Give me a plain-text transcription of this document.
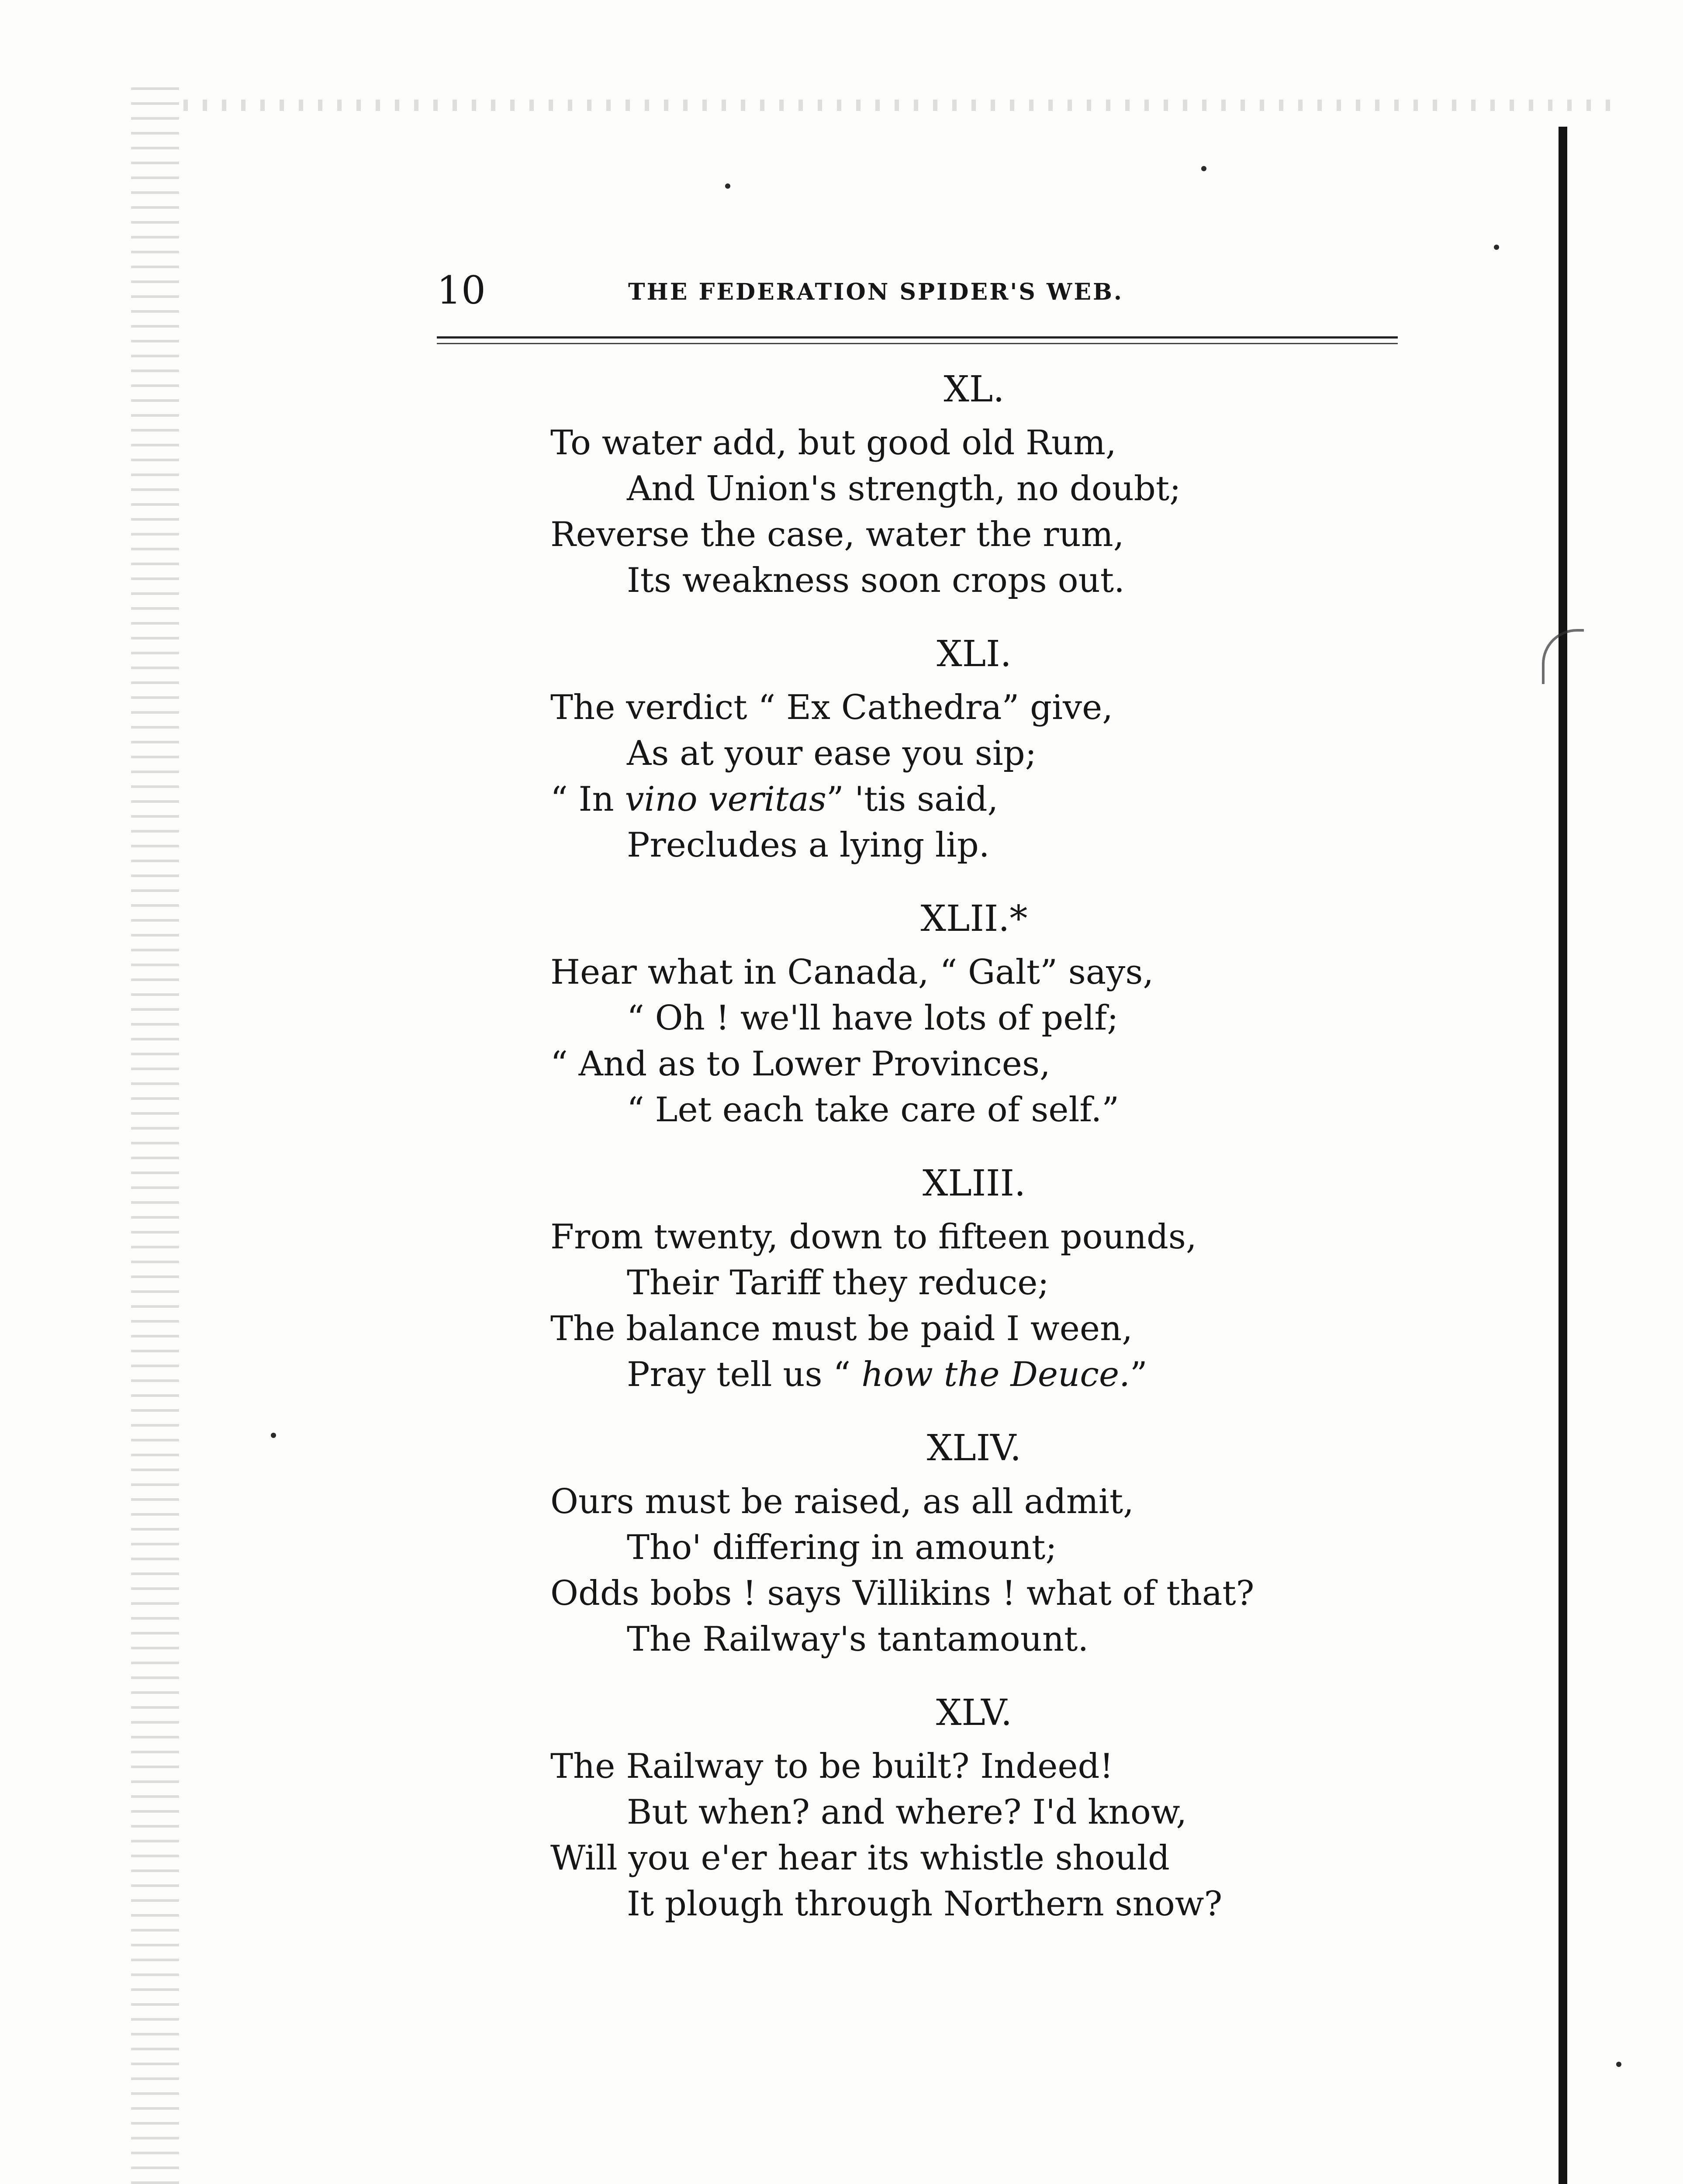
10	THE FEDERATION SPIDER'S WEB.
XL.
To water add, but good old Rum,
And Union's strength, no doubt;
Reverse the case, water the rum,
Its weakness soon crops out.
XLI.
The verdict “ Ex Cathedra” give,
As at your ease you sip;
“ In vino veritas” 'tis said,
Precludes a lying lip.
XLII.*
Hear what in Canada, “ Galt” says,
“ Oh ! we'll have lots of pelf;
“ And as to Lower Provinces,
“ Let each take care of self.”
XLIII.
From twenty, down to fifteen pounds,
Their Tariff they reduce;
The balance must be paid I ween,
Pray tell us “ how the Deuce.”
XLIV.
Ours must be raised, as all admit,
Tho' differing in amount;
Odds bobs ! says Villikins ! what of that?
The Railway's tantamount.
XLV.
The Railway to be built? Indeed!
But when? and where? I'd know,
Will you e'er hear its whistle should
It plough through Northern snow?
